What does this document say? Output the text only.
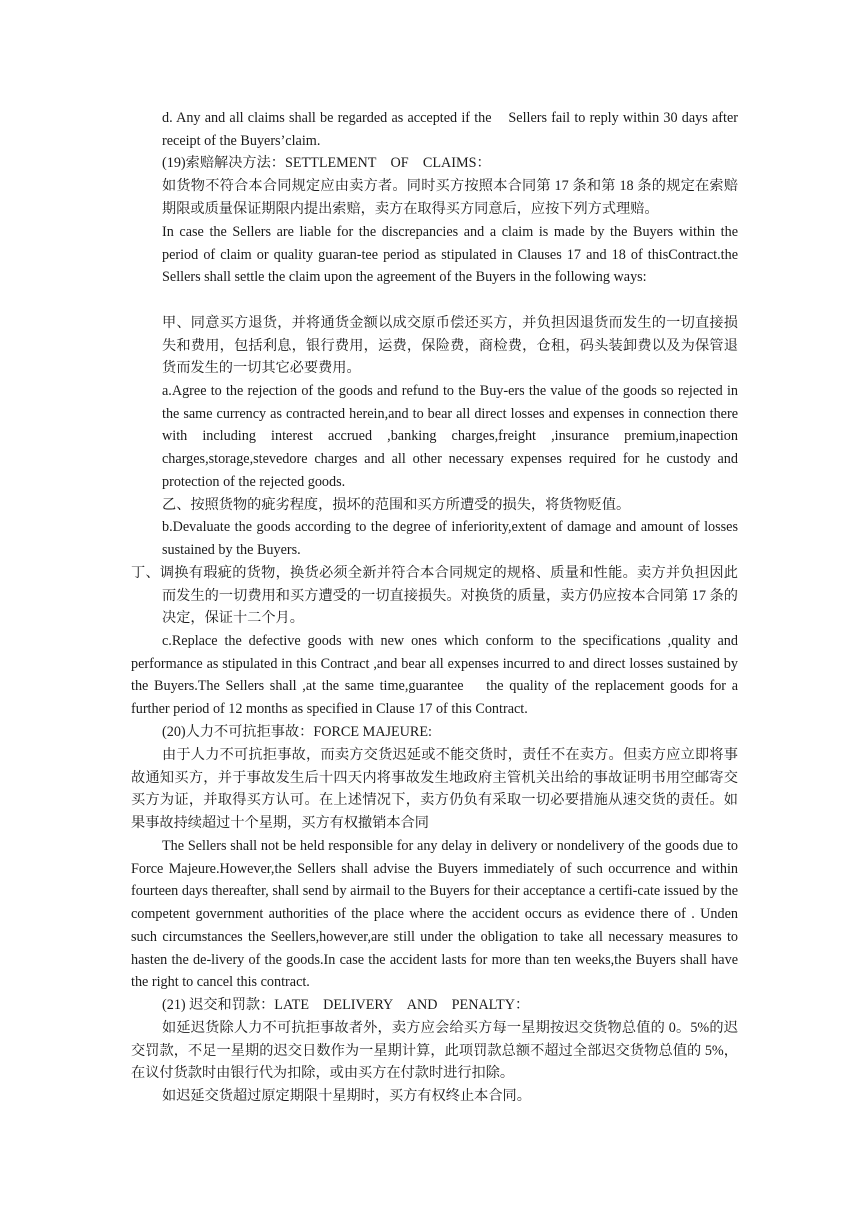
d. Any and all claims shall be regarded as accepted if the    Sellers fail to reply within 30 days after receipt of the Buyers’claim.

(19)索赔解决方法：SETTLEMENT    OF    CLAIMS：

如货物不符合本合同规定应由卖方者。同时买方按照本合同第 17 条和第 18 条的规定在索赔期限或质量保证期限内提出索赔，卖方在取得买方同意后，应按下列方式理赔。

In case the Sellers are liable for the discrepancies and a claim is made by the Buyers within the period of claim or quality guaran-tee period as stipulated in Clauses 17 and 18 of thisContract.the Sellers shall settle the claim upon the agreement of the Buyers in the following ways:

甲、同意买方退货，并将通货金额以成交原币偿还买方，并负担因退货而发生的一切直接损失和费用，包括利息，银行费用，运费，保险费，商检费，仓租，码头装卸费以及为保管退货而发生的一切其它必要费用。

a.Agree to the rejection of the goods and refund to the Buy-ers the value of the goods so rejected in the same currency as contracted herein,and to bear all direct losses and expenses in connection there with including interest accrued ,banking charges,freight ,insurance premium,inapection charges,storage,stevedore charges and all other necessary expenses required for he custody and protection of the rejected goods.

乙、按照货物的疵劣程度，损坏的范围和买方所遭受的损失，将货物贬值。

b.Devaluate the goods according to the degree of inferiority,extent of damage and amount of losses sustained by the Buyers.

丁、调换有瑕疵的货物，换货必须全新并符合本合同规定的规格、质量和性能。卖方并负担因此而发生的一切费用和买方遭受的一切直接损失。对换货的质量，卖方仍应按本合同第 17 条的决定，保证十二个月。

c.Replace the defective goods with new ones which conform to the specifications ,quality and performance as stipulated in this Contract ,and bear all expenses incurred to and direct losses sustained by the Buyers.The Sellers shall ,at the same time,guarantee    the quality of the replacement goods for a further period of 12 months as specified in Clause 17 of this Contract.

(20)人力不可抗拒事故：FORCE MAJEURE:

由于人力不可抗拒事故，而卖方交货迟延或不能交货时，责任不在卖方。但卖方应立即将事故通知买方，并于事故发生后十四天内将事故发生地政府主管机关出给的事故证明书用空邮寄交买方为证，并取得买方认可。在上述情况下，卖方仍负有采取一切必要措施从速交货的责任。如果事故持续超过十个星期，买方有权撤销本合同

The Sellers shall not be held responsible for any delay in delivery or nondelivery of the goods due to Force Majeure.However,the Sellers shall advise the Buyers immediately of such occurrence and within fourteen days thereafter, shall send by airmail to the Buyers for their acceptance a certifi-cate issued by the competent government authorities of the place where the accident occurs as evidence there of . Unden such circumstances the Seellers,however,are still under the obligation to take all necessary measures to hasten the de-livery of the goods.In case the accident lasts for more than ten weeks,the Buyers shall have the right to cancel this contract.

(21) 迟交和罚款：LATE    DELIVERY    AND    PENALTY：

如延迟货除人力不可抗拒事故者外，卖方应会给买方每一星期按迟交货物总值的 0。5%的迟交罚款，不足一星期的迟交日数作为一星期计算，此项罚款总额不超过全部迟交货物总值的 5%，在议付货款时由银行代为扣除，或由买方在付款时进行扣除。

如迟延交货超过原定期限十星期时，买方有权终止本合同。
